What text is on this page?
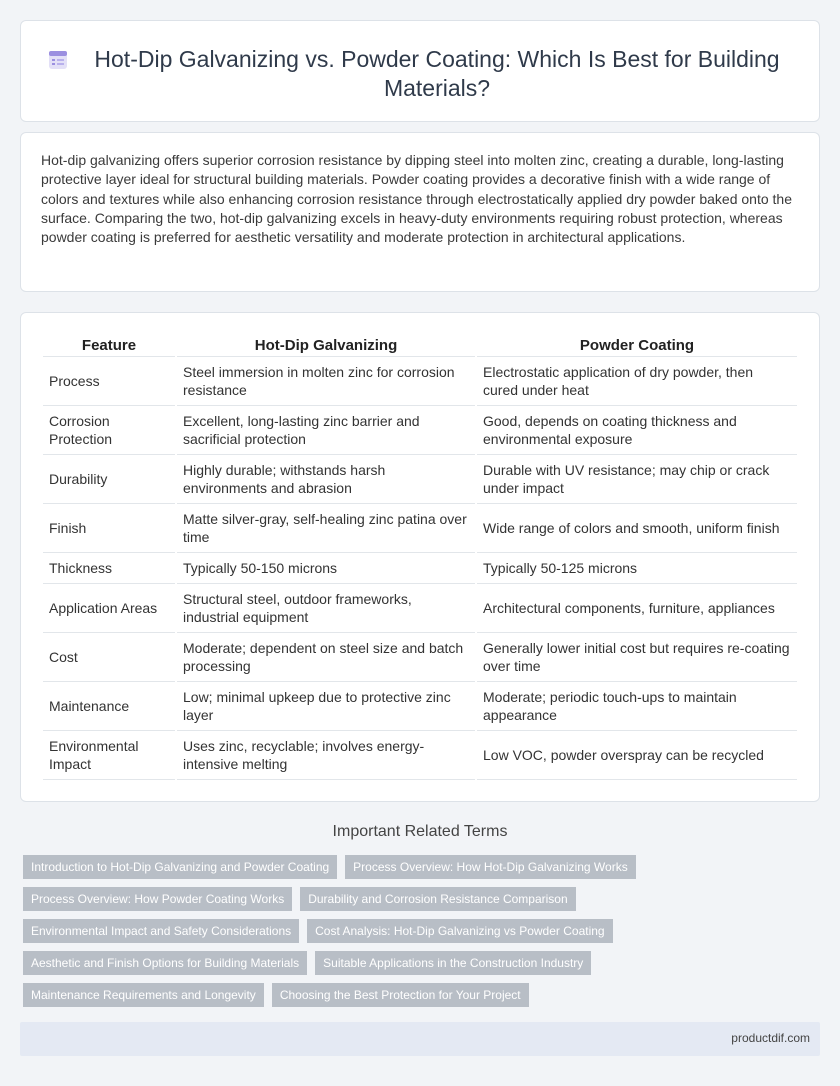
Hot-Dip Galvanizing vs. Powder Coating: Which Is Best for Building Materials?

Hot-dip galvanizing offers superior corrosion resistance by dipping steel into molten zinc, creating a durable, long-lasting protective layer ideal for structural building materials. Powder coating provides a decorative finish with a wide range of colors and textures while also enhancing corrosion resistance through electrostatically applied dry powder baked onto the surface. Comparing the two, hot-dip galvanizing excels in heavy-duty environments requiring robust protection, whereas powder coating is preferred for aesthetic versatility and moderate protection in architectural applications.

Feature	Hot-Dip Galvanizing	Powder Coating
Process	Steel immersion in molten zinc for corrosion resistance	Electrostatic application of dry powder, then cured under heat
Corrosion Protection	Excellent, long-lasting zinc barrier and sacrificial protection	Good, depends on coating thickness and environmental exposure
Durability	Highly durable; withstands harsh environments and abrasion	Durable with UV resistance; may chip or crack under impact
Finish	Matte silver-gray, self-healing zinc patina over time	Wide range of colors and smooth, uniform finish
Thickness	Typically 50-150 microns	Typically 50-125 microns
Application Areas	Structural steel, outdoor frameworks, industrial equipment	Architectural components, furniture, appliances
Cost	Moderate; dependent on steel size and batch processing	Generally lower initial cost but requires re-coating over time
Maintenance	Low; minimal upkeep due to protective zinc layer	Moderate; periodic touch-ups to maintain appearance
Environmental Impact	Uses zinc, recyclable; involves energy-intensive melting	Low VOC, powder overspray can be recycled
Important Related Terms
Introduction to Hot-Dip Galvanizing and Powder Coating	Process Overview: How Hot-Dip Galvanizing Works
Process Overview: How Powder Coating Works	Durability and Corrosion Resistance Comparison
Environmental Impact and Safety Considerations	Cost Analysis: Hot-Dip Galvanizing vs Powder Coating
Aesthetic and Finish Options for Building Materials	Suitable Applications in the Construction Industry
Maintenance Requirements and Longevity	Choosing the Best Protection for Your Project
productdif.com
